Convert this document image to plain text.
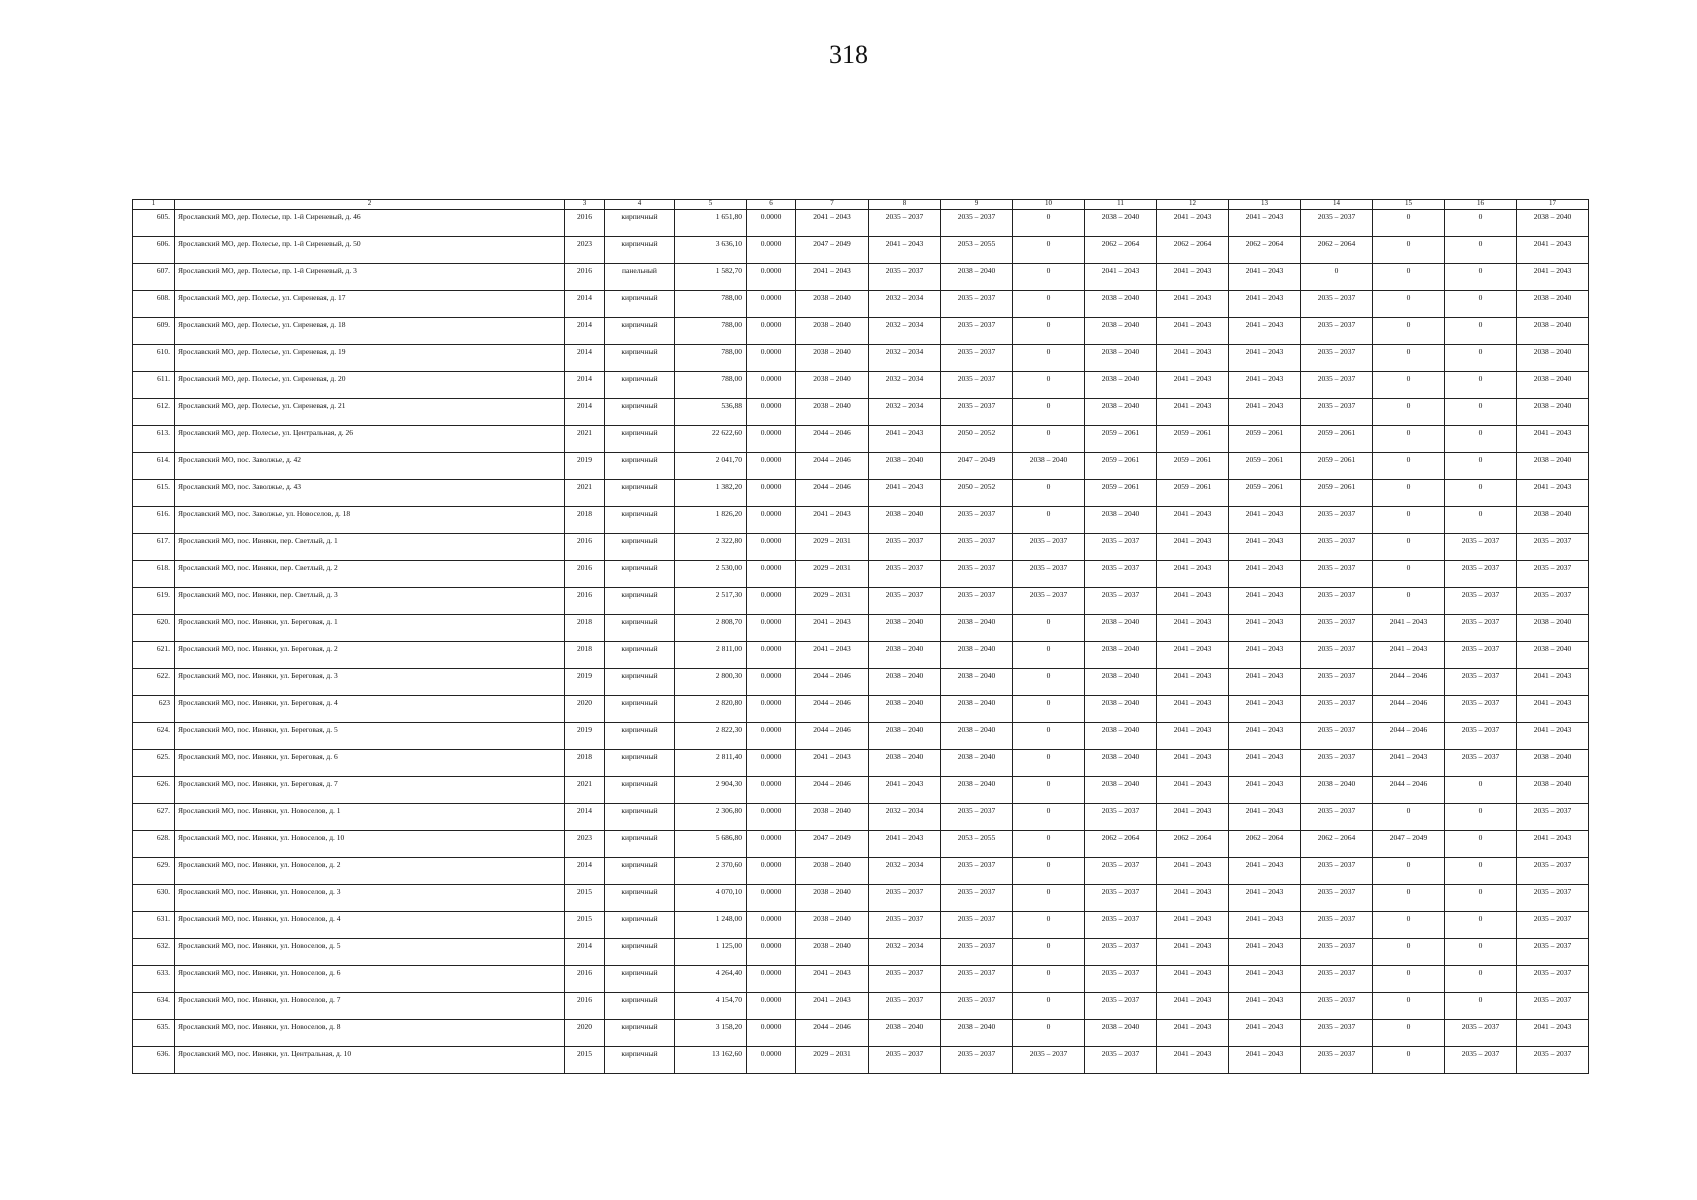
318
1	2	3	4	5	6	7	8	9	10	11	12	13	14	15	16	17
605.	Ярославский МО, дер. Полесье, пр. 1-й Сиреневый, д. 46	2016	кирпичный	1 651,80	0.0000	2041 – 2043	2035 – 2037	2035 – 2037	0	2038 – 2040	2041 – 2043	2041 – 2043	2035 – 2037	0	0	2038 – 2040
606.	Ярославский МО, дер. Полесье, пр. 1-й Сиреневый, д. 50	2023	кирпичный	3 636,10	0.0000	2047 – 2049	2041 – 2043	2053 – 2055	0	2062 – 2064	2062 – 2064	2062 – 2064	2062 – 2064	0	0	2041 – 2043
607.	Ярославский МО, дер. Полесье, пр. 1-й Сиреневый, д. 3	2016	панельный	1 582,70	0.0000	2041 – 2043	2035 – 2037	2038 – 2040	0	2041 – 2043	2041 – 2043	2041 – 2043	0	0	0	2041 – 2043
608.	Ярославский МО, дер. Полесье, ул. Сиреневая, д. 17	2014	кирпичный	788,00	0.0000	2038 – 2040	2032 – 2034	2035 – 2037	0	2038 – 2040	2041 – 2043	2041 – 2043	2035 – 2037	0	0	2038 – 2040
609.	Ярославский МО, дер. Полесье, ул. Сиреневая, д. 18	2014	кирпичный	788,00	0.0000	2038 – 2040	2032 – 2034	2035 – 2037	0	2038 – 2040	2041 – 2043	2041 – 2043	2035 – 2037	0	0	2038 – 2040
610.	Ярославский МО, дер. Полесье, ул. Сиреневая, д. 19	2014	кирпичный	788,00	0.0000	2038 – 2040	2032 – 2034	2035 – 2037	0	2038 – 2040	2041 – 2043	2041 – 2043	2035 – 2037	0	0	2038 – 2040
611.	Ярославский МО, дер. Полесье, ул. Сиреневая, д. 20	2014	кирпичный	788,00	0.0000	2038 – 2040	2032 – 2034	2035 – 2037	0	2038 – 2040	2041 – 2043	2041 – 2043	2035 – 2037	0	0	2038 – 2040
612.	Ярославский МО, дер. Полесье, ул. Сиреневая, д. 21	2014	кирпичный	536,88	0.0000	2038 – 2040	2032 – 2034	2035 – 2037	0	2038 – 2040	2041 – 2043	2041 – 2043	2035 – 2037	0	0	2038 – 2040
613.	Ярославский МО, дер. Полесье, ул. Центральная, д. 26	2021	кирпичный	22 622,60	0.0000	2044 – 2046	2041 – 2043	2050 – 2052	0	2059 – 2061	2059 – 2061	2059 – 2061	2059 – 2061	0	0	2041 – 2043
614.	Ярославский МО, пос. Заволжье, д. 42	2019	кирпичный	2 041,70	0.0000	2044 – 2046	2038 – 2040	2047 – 2049	2038 – 2040	2059 – 2061	2059 – 2061	2059 – 2061	2059 – 2061	0	0	2038 – 2040
615.	Ярославский МО, пос. Заволжье, д. 43	2021	кирпичный	1 382,20	0.0000	2044 – 2046	2041 – 2043	2050 – 2052	0	2059 – 2061	2059 – 2061	2059 – 2061	2059 – 2061	0	0	2041 – 2043
616.	Ярославский МО, пос. Заволжье, ул. Новоселов, д. 18	2018	кирпичный	1 826,20	0.0000	2041 – 2043	2038 – 2040	2035 – 2037	0	2038 – 2040	2041 – 2043	2041 – 2043	2035 – 2037	0	0	2038 – 2040
617.	Ярославский МО, пос. Ивняки, пер. Светлый, д. 1	2016	кирпичный	2 322,80	0.0000	2029 – 2031	2035 – 2037	2035 – 2037	2035 – 2037	2035 – 2037	2041 – 2043	2041 – 2043	2035 – 2037	0	2035 – 2037	2035 – 2037
618.	Ярославский МО, пос. Ивняки, пер. Светлый, д. 2	2016	кирпичный	2 530,00	0.0000	2029 – 2031	2035 – 2037	2035 – 2037	2035 – 2037	2035 – 2037	2041 – 2043	2041 – 2043	2035 – 2037	0	2035 – 2037	2035 – 2037
619.	Ярославский МО, пос. Ивняки, пер. Светлый, д. 3	2016	кирпичный	2 517,30	0.0000	2029 – 2031	2035 – 2037	2035 – 2037	2035 – 2037	2035 – 2037	2041 – 2043	2041 – 2043	2035 – 2037	0	2035 – 2037	2035 – 2037
620.	Ярославский МО, пос. Ивняки, ул. Береговая, д. 1	2018	кирпичный	2 808,70	0.0000	2041 – 2043	2038 – 2040	2038 – 2040	0	2038 – 2040	2041 – 2043	2041 – 2043	2035 – 2037	2041 – 2043	2035 – 2037	2038 – 2040
621.	Ярославский МО, пос. Ивняки, ул. Береговая, д. 2	2018	кирпичный	2 811,00	0.0000	2041 – 2043	2038 – 2040	2038 – 2040	0	2038 – 2040	2041 – 2043	2041 – 2043	2035 – 2037	2041 – 2043	2035 – 2037	2038 – 2040
622.	Ярославский МО, пос. Ивняки, ул. Береговая, д. 3	2019	кирпичный	2 800,30	0.0000	2044 – 2046	2038 – 2040	2038 – 2040	0	2038 – 2040	2041 – 2043	2041 – 2043	2035 – 2037	2044 – 2046	2035 – 2037	2041 – 2043
623	Ярославский МО, пос. Ивняки, ул. Береговая, д. 4	2020	кирпичный	2 820,80	0.0000	2044 – 2046	2038 – 2040	2038 – 2040	0	2038 – 2040	2041 – 2043	2041 – 2043	2035 – 2037	2044 – 2046	2035 – 2037	2041 – 2043
624.	Ярославский МО, пос. Ивняки, ул. Береговая, д. 5	2019	кирпичный	2 822,30	0.0000	2044 – 2046	2038 – 2040	2038 – 2040	0	2038 – 2040	2041 – 2043	2041 – 2043	2035 – 2037	2044 – 2046	2035 – 2037	2041 – 2043
625.	Ярославский МО, пос. Ивняки, ул. Береговая, д. 6	2018	кирпичный	2 811,40	0.0000	2041 – 2043	2038 – 2040	2038 – 2040	0	2038 – 2040	2041 – 2043	2041 – 2043	2035 – 2037	2041 – 2043	2035 – 2037	2038 – 2040
626.	Ярославский МО, пос. Ивняки, ул. Береговая, д. 7	2021	кирпичный	2 904,30	0.0000	2044 – 2046	2041 – 2043	2038 – 2040	0	2038 – 2040	2041 – 2043	2041 – 2043	2038 – 2040	2044 – 2046	0	2038 – 2040
627.	Ярославский МО, пос. Ивняки, ул. Новоселов, д. 1	2014	кирпичный	2 306,80	0.0000	2038 – 2040	2032 – 2034	2035 – 2037	0	2035 – 2037	2041 – 2043	2041 – 2043	2035 – 2037	0	0	2035 – 2037
628.	Ярославский МО, пос. Ивняки, ул. Новоселов, д. 10	2023	кирпичный	5 686,80	0.0000	2047 – 2049	2041 – 2043	2053 – 2055	0	2062 – 2064	2062 – 2064	2062 – 2064	2062 – 2064	2047 – 2049	0	2041 – 2043
629.	Ярославский МО, пос. Ивняки, ул. Новоселов, д. 2	2014	кирпичный	2 370,60	0.0000	2038 – 2040	2032 – 2034	2035 – 2037	0	2035 – 2037	2041 – 2043	2041 – 2043	2035 – 2037	0	0	2035 – 2037
630.	Ярославский МО, пос. Ивняки, ул. Новоселов, д. 3	2015	кирпичный	4 070,10	0.0000	2038 – 2040	2035 – 2037	2035 – 2037	0	2035 – 2037	2041 – 2043	2041 – 2043	2035 – 2037	0	0	2035 – 2037
631.	Ярославский МО, пос. Ивняки, ул. Новоселов, д. 4	2015	кирпичный	1 248,00	0.0000	2038 – 2040	2035 – 2037	2035 – 2037	0	2035 – 2037	2041 – 2043	2041 – 2043	2035 – 2037	0	0	2035 – 2037
632.	Ярославский МО, пос. Ивняки, ул. Новоселов, д. 5	2014	кирпичный	1 125,00	0.0000	2038 – 2040	2032 – 2034	2035 – 2037	0	2035 – 2037	2041 – 2043	2041 – 2043	2035 – 2037	0	0	2035 – 2037
633.	Ярославский МО, пос. Ивняки, ул. Новоселов, д. 6	2016	кирпичный	4 264,40	0.0000	2041 – 2043	2035 – 2037	2035 – 2037	0	2035 – 2037	2041 – 2043	2041 – 2043	2035 – 2037	0	0	2035 – 2037
634.	Ярославский МО, пос. Ивняки, ул. Новоселов, д. 7	2016	кирпичный	4 154,70	0.0000	2041 – 2043	2035 – 2037	2035 – 2037	0	2035 – 2037	2041 – 2043	2041 – 2043	2035 – 2037	0	0	2035 – 2037
635.	Ярославский МО, пос. Ивняки, ул. Новоселов, д. 8	2020	кирпичный	3 158,20	0.0000	2044 – 2046	2038 – 2040	2038 – 2040	0	2038 – 2040	2041 – 2043	2041 – 2043	2035 – 2037	0	2035 – 2037	2041 – 2043
636.	Ярославский МО, пос. Ивняки, ул. Центральная, д. 10	2015	кирпичный	13 162,60	0.0000	2029 – 2031	2035 – 2037	2035 – 2037	2035 – 2037	2035 – 2037	2041 – 2043	2041 – 2043	2035 – 2037	0	2035 – 2037	2035 – 2037
